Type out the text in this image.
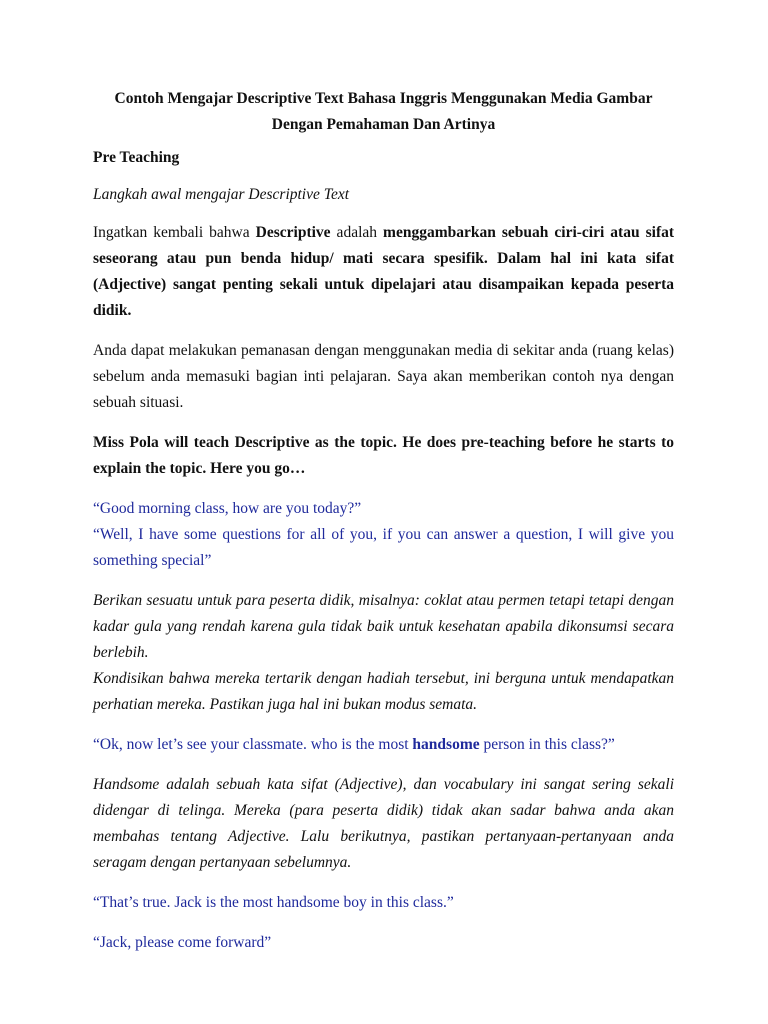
Contoh Mengajar Descriptive Text Bahasa Inggris Menggunakan Media Gambar
Dengan Pemahaman Dan Artinya
Pre Teaching

Langkah awal mengajar Descriptive Text

Ingatkan kembali bahwa Descriptive adalah menggambarkan sebuah ciri-ciri atau sifat seseorang atau pun benda hidup/ mati secara spesifik. Dalam hal ini kata sifat (Adjective) sangat penting sekali untuk dipelajari atau disampaikan kepada peserta didik.

Anda dapat melakukan pemanasan dengan menggunakan media di sekitar anda (ruang kelas) sebelum anda memasuki bagian inti pelajaran. Saya akan memberikan contoh nya dengan sebuah situasi.

Miss Pola will teach Descriptive as the topic. He does pre-teaching before he starts to explain the topic. Here you go…

“Good morning class, how are you today?”

“Well, I have some questions for all of you, if you can answer a question, I will give you something special”

Berikan sesuatu untuk para peserta didik, misalnya: coklat atau permen tetapi tetapi dengan kadar gula yang rendah karena gula tidak baik untuk kesehatan apabila dikonsumsi secara berlebih.

Kondisikan bahwa mereka tertarik dengan hadiah tersebut, ini berguna untuk mendapatkan perhatian mereka. Pastikan juga hal ini bukan modus semata.

“Ok, now let’s see your classmate. who is the most handsome person in this class?”

Handsome adalah sebuah kata sifat (Adjective), dan vocabulary ini sangat sering sekali didengar di telinga. Mereka (para peserta didik) tidak akan sadar bahwa anda akan membahas tentang Adjective. Lalu berikutnya, pastikan pertanyaan-pertanyaan anda seragam dengan pertanyaan sebelumnya.

“That’s true. Jack is the most handsome boy in this class.”

“Jack, please come forward”
